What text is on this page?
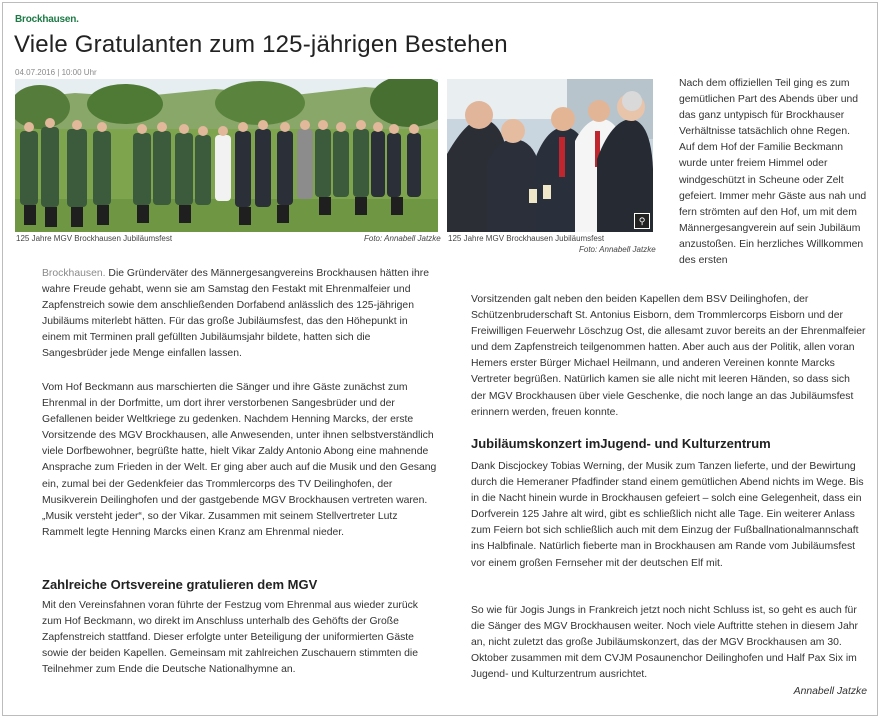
Brockhausen.
Viele Gratulanten zum 125-jährigen Bestehen
04.07.2016 | 10:00 Uhr
125 Jahre MGV Brockhausen Jubiläumsfest	Foto: Annabell Jatzke
⚲
125 Jahre MGV Brockhausen Jubiläumsfest
Foto: Annabell Jatzke

Nach dem offiziellen Teil ging es zum gemütlichen Part des Abends über und das ganz untypisch für Brockhauser Verhältnisse tatsächlich ohne Regen. Auf dem Hof der Familie Beckmann wurde unter freiem Himmel oder windgeschützt in Scheune oder Zelt gefeiert. Immer mehr Gäste aus nah und fern strömten auf den Hof, um mit dem Männergesangverein auf sein Jubiläum anzustoßen. Ein herzliches Willkommen des ersten

Brockhausen. Die Gründerväter des Männergesangvereins Brockhausen hätten ihre wahre Freude gehabt, wenn sie am Samstag den Festakt mit Ehrenmalfeier und Zapfenstreich sowie dem anschließenden Dorfabend anlässlich des 125-jährigen Jubiläums miterlebt hätten. Für das große Jubiläumsfest, das den Höhepunkt in einem mit Terminen prall gefüllten Jubiläumsjahr bildete, hatten sich die Sangesbrüder jede Menge einfallen lassen.

Vom Hof Beckmann aus marschierten die Sänger und ihre Gäste zunächst zum Ehrenmal in der Dorfmitte, um dort ihrer verstorbenen Sangesbrüder und der Gefallenen beider Weltkriege zu gedenken. Nachdem Henning Marcks, der erste Vorsitzende des MGV Brockhausen, alle Anwesenden, unter ihnen selbstverständlich viele Dorfbewohner, begrüßte hatte, hielt Vikar Zaldy Antonio Abong eine mahnende Ansprache zum Frieden in der Welt. Er ging aber auch auf die Musik und den Gesang ein, zumal bei der Gedenkfeier das Trommlercorps des TV Deilinghofen, der Musikverein Deilinghofen und der gastgebende MGV Brockhausen vertreten waren. „Musik versteht jeder“, so der Vikar. Zusammen mit seinem Stellvertreter Lutz Rammelt legte Henning Marcks einen Kranz am Ehrenmal nieder.

Zahlreiche Ortsvereine gratulieren dem MGV

Mit den Vereinsfahnen voran führte der Festzug vom Ehrenmal aus wieder zurück zum Hof Beckmann, wo direkt im Anschluss unterhalb des Gehöfts der Große Zapfenstreich stattfand. Dieser erfolgte unter Beteiligung der uniformierten Gäste sowie der beiden Kapellen. Gemeinsam mit zahlreichen Zuschauern stimmten die Teilnehmer zum Ende die Deutsche Nationalhymne an.

Vorsitzenden galt neben den beiden Kapellen dem BSV Deilinghofen, der Schützenbruderschaft St. Antonius Eisborn, dem Trommlercorps Eisborn und der Freiwilligen Feuerwehr Löschzug Ost, die allesamt zuvor bereits an der Ehrenmalfeier und dem Zapfenstreich teilgenommen hatten. Aber auch aus der Politik, allen voran Hemers erster Bürger Michael Heilmann, und anderen Vereinen konnte Marcks Vertreter begrüßen. Natürlich kamen sie alle nicht mit leeren Händen, so dass sich der MGV Brockhausen über viele Geschenke, die noch lange an das Jubiläumsfest erinnern werden, freuen konnte.

Jubiläumskonzert imJugend- und Kulturzentrum

Dank Discjockey Tobias Werning, der Musik zum Tanzen lieferte, und der Bewirtung durch die Hemeraner Pfadfinder stand einem gemütlichen Abend nichts im Wege. Bis in die Nacht hinein wurde in Brockhausen gefeiert – solch eine Gelegenheit, dass ein Dorfverein 125 Jahre alt wird, gibt es schließlich nicht alle Tage. Ein weiterer Anlass zum Feiern bot sich schließlich auch mit dem Einzug der Fußballnationalmannschaft ins Halbfinale. Natürlich fieberte man in Brockhausen am Rande vom Jubiläumsfest vor einem großen Fernseher mit der deutschen Elf mit.

So wie für Jogis Jungs in Frankreich jetzt noch nicht Schluss ist, so geht es auch für die Sänger des MGV Brockhausen weiter. Noch viele Auftritte stehen in diesem Jahr an, nicht zuletzt das große Jubiläumskonzert, das der MGV Brockhausen am 30. Oktober zusammen mit dem CVJM Posaunenchor Deilinghofen und Half Pax Six im Jugend- und Kulturzentrum ausrichtet.

Annabell Jatzke
